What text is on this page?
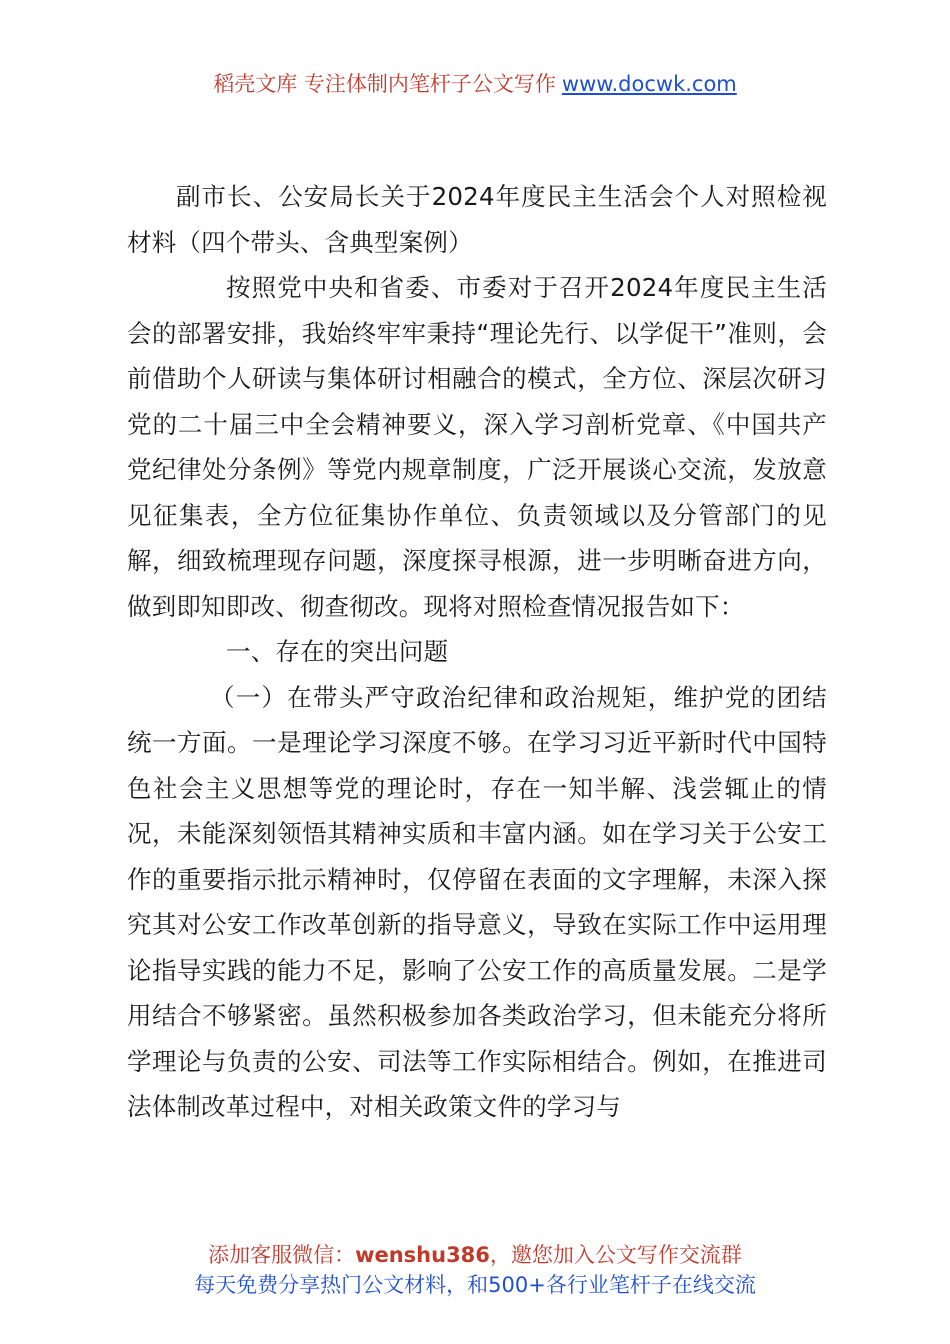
稻壳文库 专注体制内笔杆子公文写作 www.docwk.com

副市长、公安局长关于2024年度民主生活会个人对照检视材料（四个带头、含典型案例）

按照党中央和省委、市委对于召开2024年度民主生活会的部署安排，我始终牢牢秉持“理论先行、以学促干”准则，会前借助个人研读与集体研讨相融合的模式，全方位、深层次研习党的二十届三中全会精神要义，深入学习剖析党章、《中国共产党纪律处分条例》等党内规章制度，广泛开展谈心交流，发放意见征集表，全方位征集协作单位、负责领域以及分管部门的见解，细致梳理现存问题，深度探寻根源，进一步明晰奋进方向，做到即知即改、彻查彻改。现将对照检查情况报告如下：

一、存在的突出问题

（一）在带头严守政治纪律和政治规矩，维护党的团结统一方面。一是理论学习深度不够。在学习习近平新时代中国特色社会主义思想等党的理论时，存在一知半解、浅尝辄止的情况，未能深刻领悟其精神实质和丰富内涵。如在学习关于公安工作的重要指示批示精神时，仅停留在表面的文字理解，未深入探究其对公安工作改革创新的指导意义，导致在实际工作中运用理论指导实践的能力不足，影响了公安工作的高质量发展。二是学用结合不够紧密。虽然积极参加各类政治学习，但未能充分将所学理论与负责的公安、司法等工作实际相结合。例如，在推进司法体制改革过程中，对相关政策文件的学习与

添加客服微信：wenshu386，邀您加入公文写作交流群
每天免费分享热门公文材料，和500+各行业笔杆子在线交流
